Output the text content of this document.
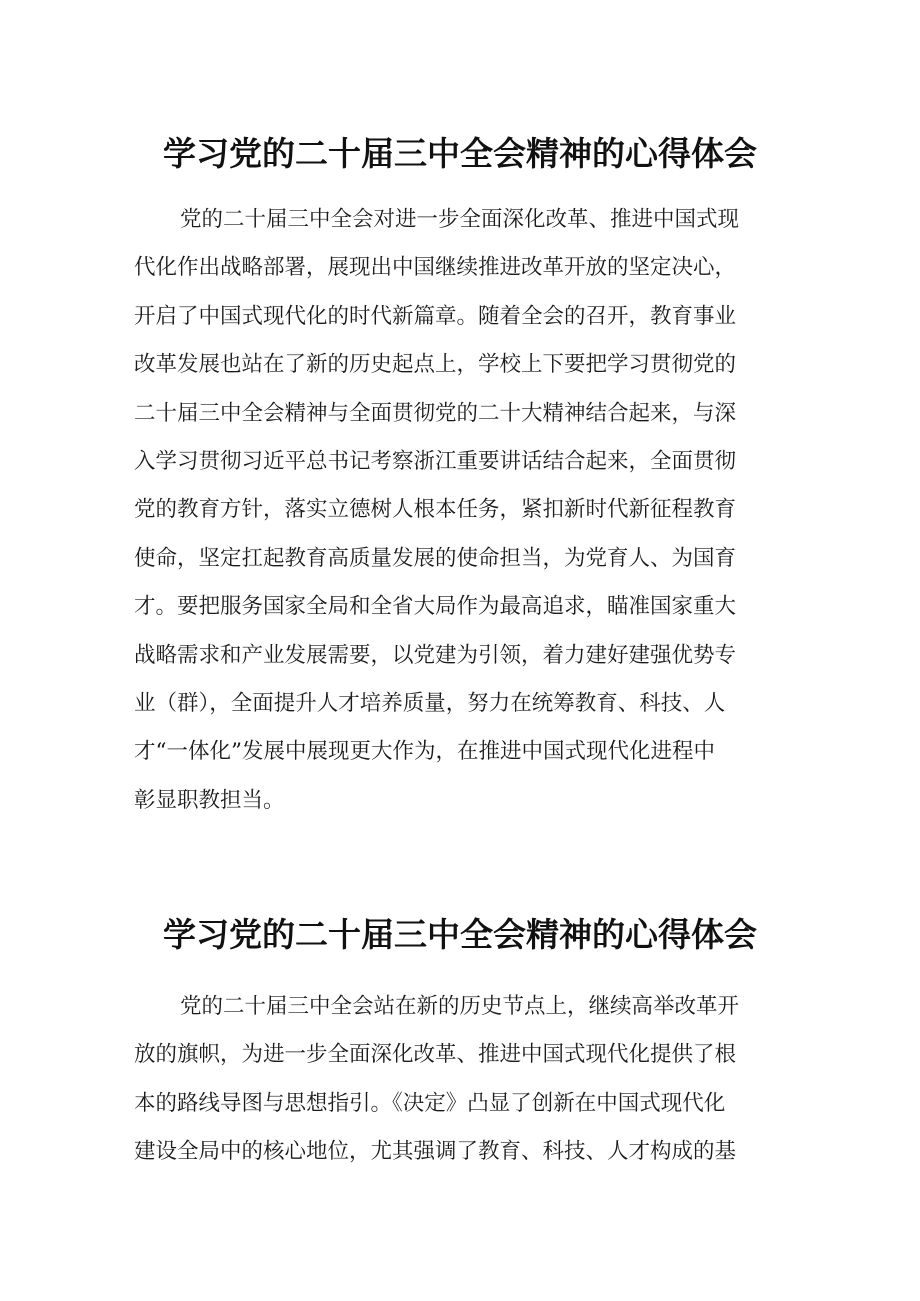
学习党的二十届三中全会精神的心得体会
党的二十届三中全会对进一步全面深化改革、推进中国式现
代化作出战略部署，展现出中国继续推进改革开放的坚定决心，
开启了中国式现代化的时代新篇章。随着全会的召开，教育事业
改革发展也站在了新的历史起点上，学校上下要把学习贯彻党的
二十届三中全会精神与全面贯彻党的二十大精神结合起来，与深
入学习贯彻习近平总书记考察浙江重要讲话结合起来，全面贯彻
党的教育方针，落实立德树人根本任务，紧扣新时代新征程教育
使命，坚定扛起教育高质量发展的使命担当，为党育人、为国育
才。要把服务国家全局和全省大局作为最高追求，瞄准国家重大
战略需求和产业发展需要，以党建为引领，着力建好建强优势专
业（群），全面提升人才培养质量，努力在统筹教育、科技、人
才“一体化”发展中展现更大作为，在推进中国式现代化进程中
彰显职教担当。
学习党的二十届三中全会精神的心得体会
党的二十届三中全会站在新的历史节点上，继续高举改革开
放的旗帜，为进一步全面深化改革、推进中国式现代化提供了根
本的路线导图与思想指引。《决定》凸显了创新在中国式现代化
建设全局中的核心地位，尤其强调了教育、科技、人才构成的基
